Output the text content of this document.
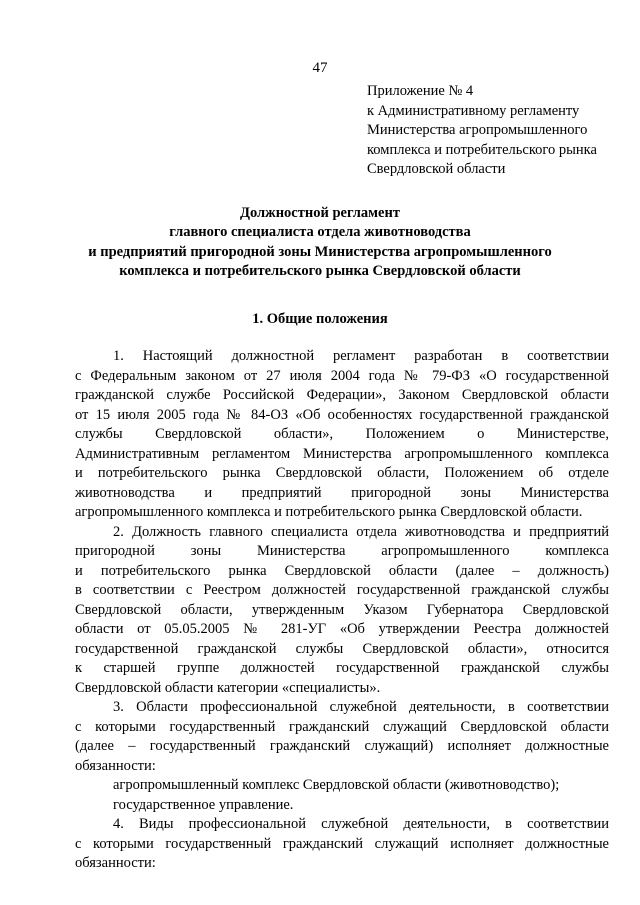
47
Приложение № 4
к Административному регламенту
Министерства агропромышленного
комплекса и потребительского рынка
Свердловской области
Должностной регламент
главного специалиста отдела животноводства
и предприятий пригородной зоны Министерства агропромышленного
комплекса и потребительского рынка Свердловской области
1. Общие положения
1. Настоящий должностной регламент разработан в соответствии
с Федеральным законом от 27 июля 2004 года № 79-ФЗ «О государственной
гражданской службе Российской Федерации», Законом Свердловской области
от 15 июля 2005 года № 84-ОЗ «Об особенностях государственной гражданской
службы Свердловской области», Положением о Министерстве,
Административным регламентом Министерства агропромышленного комплекса
и потребительского рынка Свердловской области, Положением об отделе
животноводства и предприятий пригородной зоны Министерства
агропромышленного комплекса и потребительского рынка Свердловской области.
2. Должность главного специалиста отдела животноводства и предприятий
пригородной зоны Министерства агропромышленного комплекса
и потребительского рынка Свердловской области (далее – должность)
в соответствии с Реестром должностей государственной гражданской службы
Свердловской области, утвержденным Указом Губернатора Свердловской
области от 05.05.2005 № 281-УГ «Об утверждении Реестра должностей
государственной гражданской службы Свердловской области», относится
к старшей группе должностей государственной гражданской службы
Свердловской области категории «специалисты».
3. Области профессиональной служебной деятельности, в соответствии
с которыми государственный гражданский служащий Свердловской области
(далее – государственный гражданский служащий) исполняет должностные
обязанности:
агропромышленный комплекс Свердловской области (животноводство);
государственное управление.
4. Виды профессиональной служебной деятельности, в соответствии
с которыми государственный гражданский служащий исполняет должностные
обязанности:
